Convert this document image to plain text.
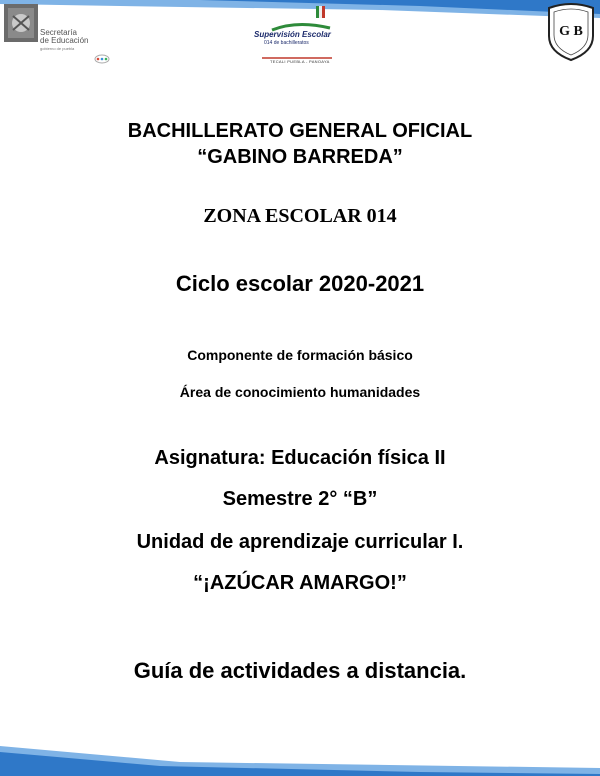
Secretaría
de Educación
gobierno de puebla
Supervisión Escolar
014 de bachilleratos
TECALI PUEBLA - PANOAYA
G B
BACHILLERATO GENERAL OFICIAL
“GABINO BARREDA”
ZONA ESCOLAR 014
Ciclo escolar 2020-2021
Componente de formación básico
Área de conocimiento humanidades
Asignatura: Educación física II
Semestre 2° “B”
Unidad de aprendizaje curricular I.
“¡AZÚCAR AMARGO!”
Guía de actividades a distancia.
